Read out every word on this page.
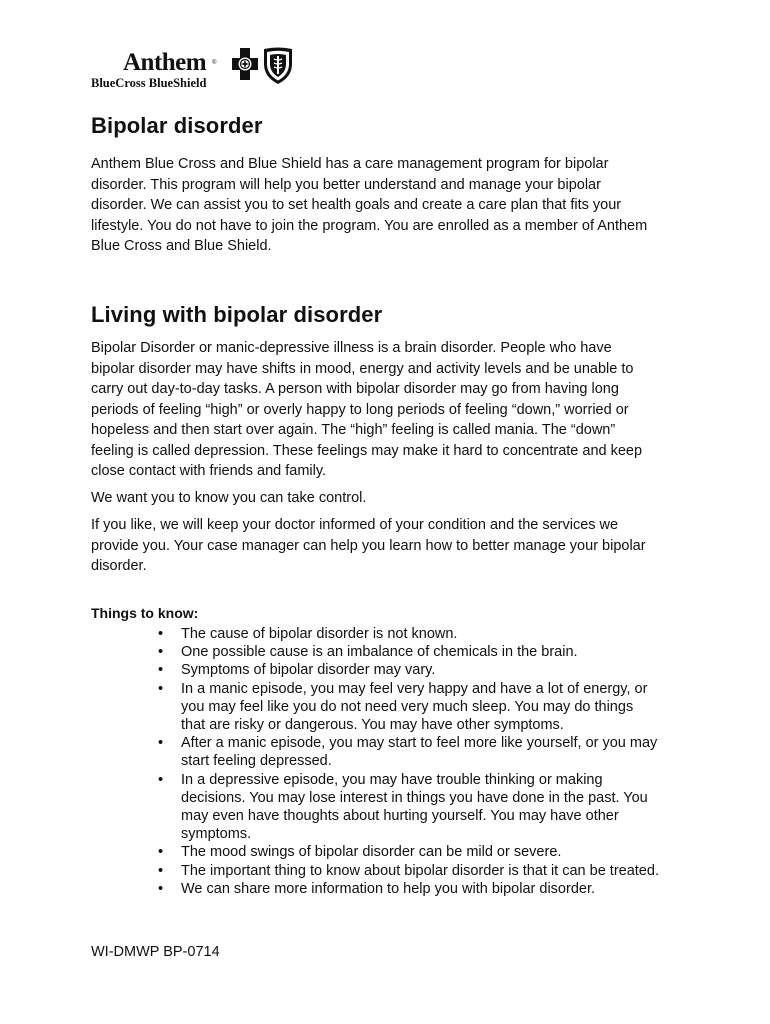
Anthem ®
BlueCross BlueShield
Bipolar disorder

Anthem Blue Cross and Blue Shield has a care management program for bipolar
disorder. This program will help you better understand and manage your bipolar
disorder. We can assist you to set health goals and create a care plan that fits your
lifestyle. You do not have to join the program. You are enrolled as a member of Anthem
Blue Cross and Blue Shield.

Living with bipolar disorder

Bipolar Disorder or manic-depressive illness is a brain disorder. People who have
bipolar disorder may have shifts in mood, energy and activity levels and be unable to
carry out day-to-day tasks. A person with bipolar disorder may go from having long
periods of feeling “high” or overly happy to long periods of feeling “down,” worried or
hopeless and then start over again. The “high” feeling is called mania. The “down”
feeling is called depression. These feelings may make it hard to concentrate and keep
close contact with friends and family.

We want you to know you can take control.

If you like, we will keep your doctor informed of your condition and the services we
provide you. Your case manager can help you learn how to better manage your bipolar
disorder.

Things to know:
• The cause of bipolar disorder is not known.
• One possible cause is an imbalance of chemicals in the brain.
• Symptoms of bipolar disorder may vary.
• In a manic episode, you may feel very happy and have a lot of energy, or
you may feel like you do not need very much sleep. You may do things
that are risky or dangerous. You may have other symptoms.
• After a manic episode, you may start to feel more like yourself, or you may
start feeling depressed.
• In a depressive episode, you may have trouble thinking or making
decisions. You may lose interest in things you have done in the past. You
may even have thoughts about hurting yourself. You may have other
symptoms.
• The mood swings of bipolar disorder can be mild or severe.
• The important thing to know about bipolar disorder is that it can be treated.
• We can share more information to help you with bipolar disorder.
WI-DMWP BP-0714
